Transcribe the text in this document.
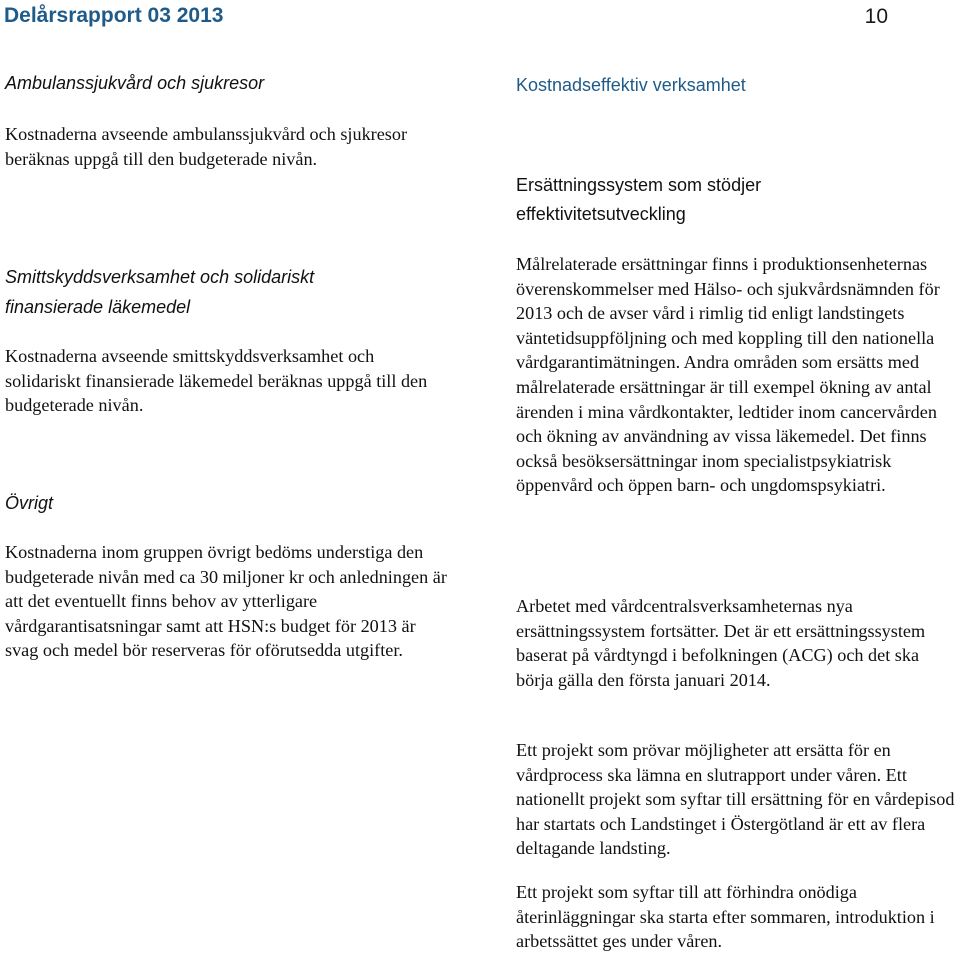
Delårsrapport 03 2013	10
Ambulanssjukvård och sjukresor

Kostnaderna avseende ambulanssjukvård och sjukresor beräknas uppgå till den budgeterade nivån.

Smittskyddsverksamhet och solidariskt
finansierade läkemedel

Kostnaderna avseende smittskyddsverksamhet och solidariskt finansierade läkemedel beräknas uppgå till den budgeterade nivån.

Övrigt

Kostnaderna inom gruppen övrigt bedöms understiga den budgeterade nivån med ca 30 miljoner kr och anledningen är att det eventuellt finns behov av ytterligare vårdgarantisatsningar samt att HSN:s budget för 2013 är svag och medel bör reserveras för oförutsedda utgifter.

Kostnadseffektiv verksamhet
Ersättningssystem som stödjer
effektivitetsutveckling

Målrelaterade ersättningar finns i produktionsenheternas överenskommelser med Hälso- och sjukvårdsnämnden för 2013 och de avser vård i rimlig tid enligt landstingets väntetidsuppföljning och med koppling till den nationella vårdgarantimätningen. Andra områden som ersätts med målrelaterade ersättningar är till exempel ökning av antal ärenden i mina vårdkontakter, ledtider inom cancervården och ökning av användning av vissa läkemedel. Det finns också besöksersättningar inom specialistpsykiatrisk öppenvård och öppen barn- och ungdomspsykiatri.

Arbetet med vårdcentralsverksamheternas nya ersättningssystem fortsätter. Det är ett ersättningssystem baserat på vårdtyngd i befolkningen (ACG) och det ska börja gälla den första januari 2014.

Ett projekt som prövar möjligheter att ersätta för en vårdprocess ska lämna en slutrapport under våren. Ett nationellt projekt som syftar till ersättning för en vårdepisod har startats och Landstinget i Östergötland är ett av flera deltagande landsting.

Ett projekt som syftar till att förhindra onödiga återinläggningar ska starta efter sommaren, introduktion i arbetssättet ges under våren.
